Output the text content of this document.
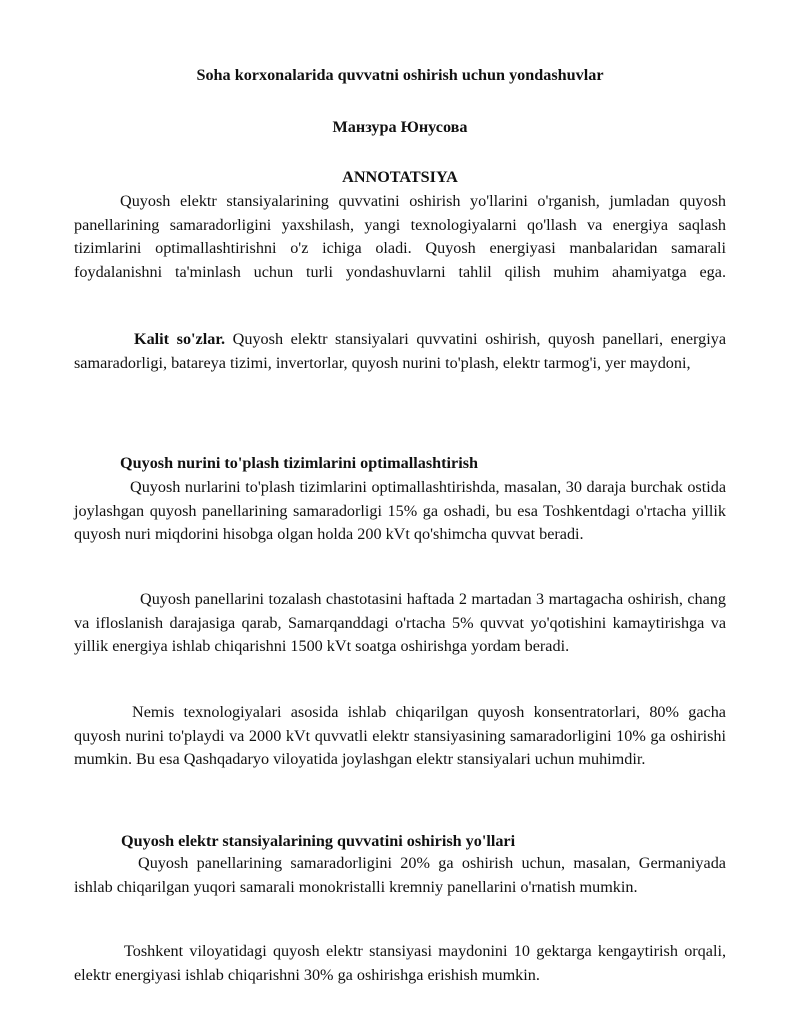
Soha korxonalarida quvvatni oshirish uchun yondashuvlar
Манзура Юнусова
ANNOTATSIYA

Quyosh elektr stansiyalarining quvvatini oshirish yo'llarini o'rganish, jumladan quyosh panellarining samaradorligini yaxshilash, yangi texnologiyalarni qo'llash va energiya saqlash tizimlarini optimallashtirishni o'z ichiga oladi. Quyosh energiyasi manbalaridan samarali foydalanishni ta'minlash uchun turli yondashuvlarni tahlil qilish muhim ahamiyatga ega.

Kalit so'zlar. Quyosh elektr stansiyalari quvvatini oshirish, quyosh panellari, energiya samaradorligi, batareya tizimi, invertorlar, quyosh nurini to'plash, elektr tarmog'i, yer maydoni,

Quyosh nurini to'plash tizimlarini optimallashtirish

Quyosh nurlarini to'plash tizimlarini optimallashtirishda, masalan, 30 daraja burchak ostida joylashgan quyosh panellarining samaradorligi 15% ga oshadi, bu esa Toshkentdagi o'rtacha yillik quyosh nuri miqdorini hisobga olgan holda 200 kVt qo'shimcha quvvat beradi.

Quyosh panellarini tozalash chastotasini haftada 2 martadan 3 martagacha oshirish, chang va ifloslanish darajasiga qarab, Samarqanddagi o'rtacha 5% quvvat yo'qotishini kamaytirishga va yillik energiya ishlab chiqarishni 1500 kVt soatga oshirishga yordam beradi.

Nemis texnologiyalari asosida ishlab chiqarilgan quyosh konsentratorlari, 80% gacha quyosh nurini to'playdi va 2000 kVt quvvatli elektr stansiyasining samaradorligini 10% ga oshirishi mumkin. Bu esa Qashqadaryo viloyatida joylashgan elektr stansiyalari uchun muhimdir.

Quyosh elektr stansiyalarining quvvatini oshirish yo'llari

Quyosh panellarining samaradorligini 20% ga oshirish uchun, masalan, Germaniyada ishlab chiqarilgan yuqori samarali monokristalli kremniy panellarini o'rnatish mumkin.

Toshkent viloyatidagi quyosh elektr stansiyasi maydonini 10 gektarga kengaytirish orqali, elektr energiyasi ishlab chiqarishni 30% ga oshirishga erishish mumkin.
